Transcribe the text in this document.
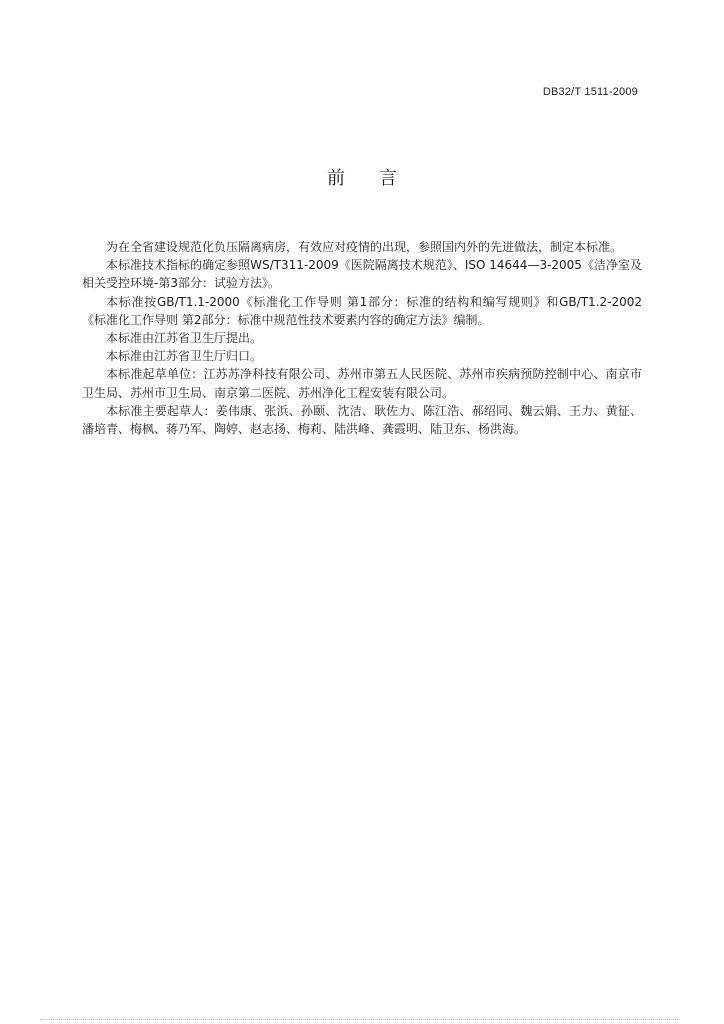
DB32/T 1511-2009
前 言

为在全省建设规范化负压隔离病房，有效应对疫情的出现，参照国内外的先进做法，制定本标准。

本标准技术指标的确定参照WS/T311-2009《医院隔离技术规范》、ISO 14644—3-2005《洁净室及相关受控环境-第3部分：试验方法》。

本标准按GB/T1.1-2000《标准化工作导则 第1部分：标准的结构和编写规则》和GB/T1.2-2002《标准化工作导则 第2部分：标准中规范性技术要素内容的确定方法》编制。

本标准由江苏省卫生厅提出。

本标准由江苏省卫生厅归口。

本标准起草单位：江苏苏净科技有限公司、苏州市第五人民医院、苏州市疾病预防控制中心、南京市卫生局、苏州市卫生局、南京第二医院、苏州净化工程安装有限公司。

本标准主要起草人：姜伟康、张浜、孙颐、沈洁、耿佐力、陈江浩、郝绍同、魏云娟、王力、黄征、潘培青、梅枫、蒋乃军、陶婷、赵志扬、梅莉、陆洪峰、龚霞明、陆卫东、杨洪海。
